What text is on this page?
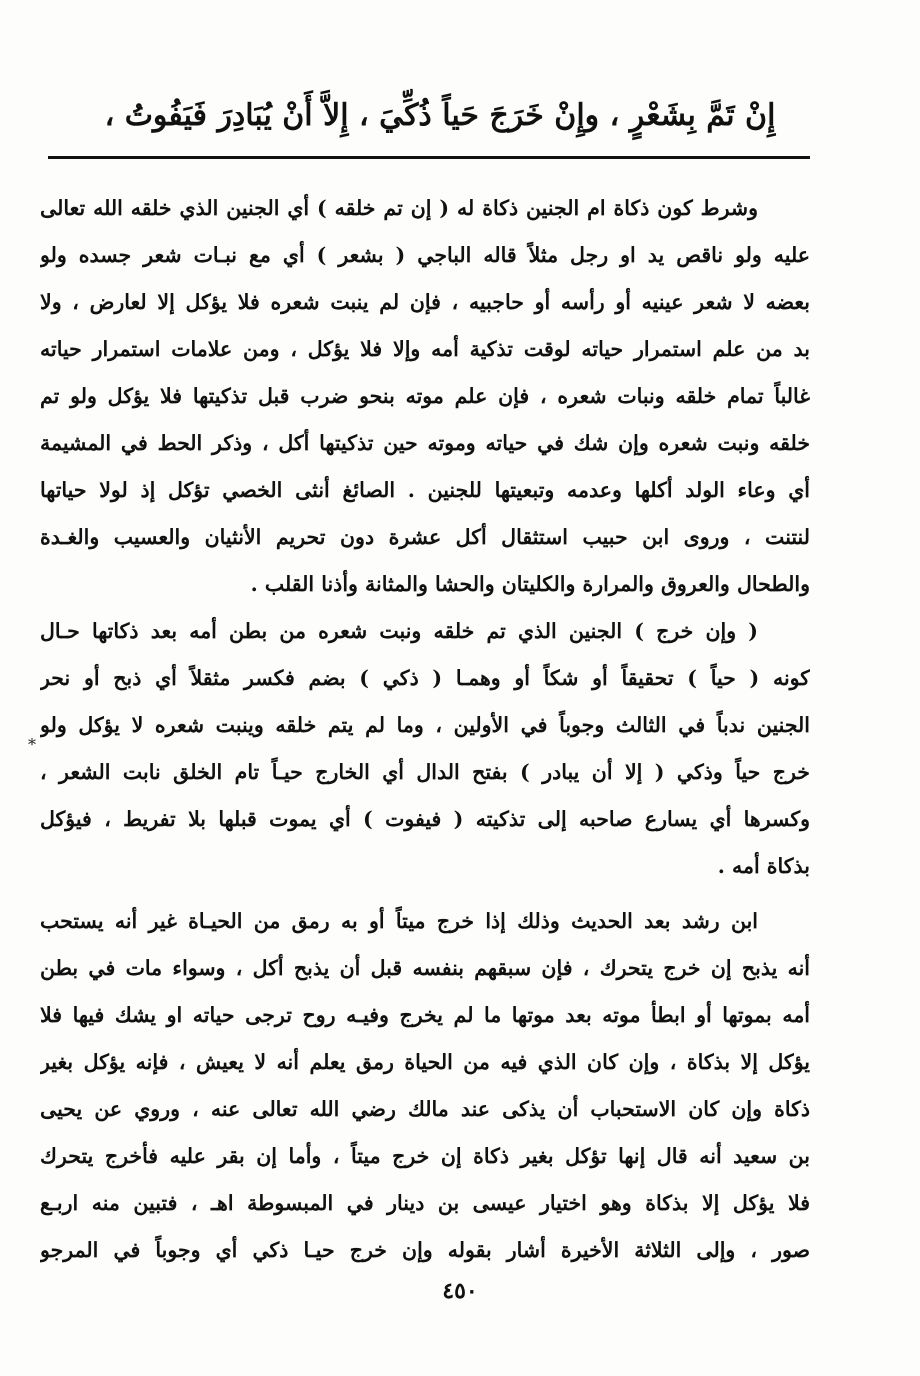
إِنْ تَمَّ بِشَعْرٍ ، وإِنْ خَرَجَ حَياً ذُكِّيَ ، إِلاَّ أَنْ يُبَادِرَ فَيَفُوتُ ،
وشرط كون ذكاة ام الجنين ذكاة له ( إن تم خلقه ) أي الجنين الذي خلقه الله تعالى
عليه ولو ناقص يد او رجل مثلاً قاله الباجي ( بشعر ) أي مع نبـات شعر جسده ولو
بعضه لا شعر عينيه أو رأسه أو حاجبيه ، فإن لم ينبت شعره فلا يؤكل إلا لعارض ، ولا
بد من علم استمرار حياته لوقت تذكية أمه وإلا فلا يؤكل ، ومن علامات استمرار حياته
غالباً تمام خلقه ونبات شعره ، فإن علم موته بنحو ضرب قبل تذكيتها فلا يؤكل ولو تم
خلقه ونبت شعره وإن شك في حياته وموته حين تذكيتها أكل ، وذكر الحط في المشيمة
أي وعاء الولد أكلها وعدمه وتبعيتها للجنين . الصائغ أنثى الخصي تؤكل إذ لولا حياتها
لنتنت ، وروى ابن حبيب استثقال أكل عشرة دون تحريم الأنثيان والعسيب والغـدة
والطحال والعروق والمرارة والكليتان والحشا والمثانة وأذنا القلب .
( وإن خرج ) الجنين الذي تم خلقه ونبت شعره من بطن أمه بعد ذكاتها حـال
كونه ( حياً ) تحقيقاً أو شكاً أو وهمـا ( ذكي ) بضم فكسر مثقلاً أي ذبح أو نحر
الجنين ندباً في الثالث وجوباً في الأولين ، وما لم يتم خلقه وينبت شعره لا يؤكل ولو
خرج حياً وذكي ( إلا أن يبادر ) بفتح الدال أي الخارج حيـاً تام الخلق نابت الشعر ،
وكسرها أي يسارع صاحبه إلى تذكيته ( فيفوت ) أي يموت قبلها بلا تفريط ، فيؤكل
بذكاة أمه .
ابن رشد بعد الحديث وذلك إذا خرج ميتاً أو به رمق من الحيـاة غير أنه يستحب
أنه يذبح إن خرج يتحرك ، فإن سبقهم بنفسه قبل أن يذبح أكل ، وسواء مات في بطن
أمه بموتها أو ابطأ موته بعد موتها ما لم يخرج وفيـه روح ترجى حياته او يشك فيها فلا
يؤكل إلا بذكاة ، وإن كان الذي فيه من الحياة رمق يعلم أنه لا يعيش ، فإنه يؤكل بغير
ذكاة وإن كان الاستحباب أن يذكى عند مالك رضي الله تعالى عنه ، وروي عن يحيى
بن سعيد أنه قال إنها تؤكل بغير ذكاة إن خرج ميتاً ، وأما إن بقر عليه فأخرج يتحرك
فلا يؤكل إلا بذكاة وهو اختيار عيسى بن دينار في المبسوطة اهـ ، فتبين منه اربـع
صور ، وإلى الثلاثة الأخيرة أشار بقوله وإن خرج حيـا ذكي أي وجوباً في المرجو
*
٤٥٠
